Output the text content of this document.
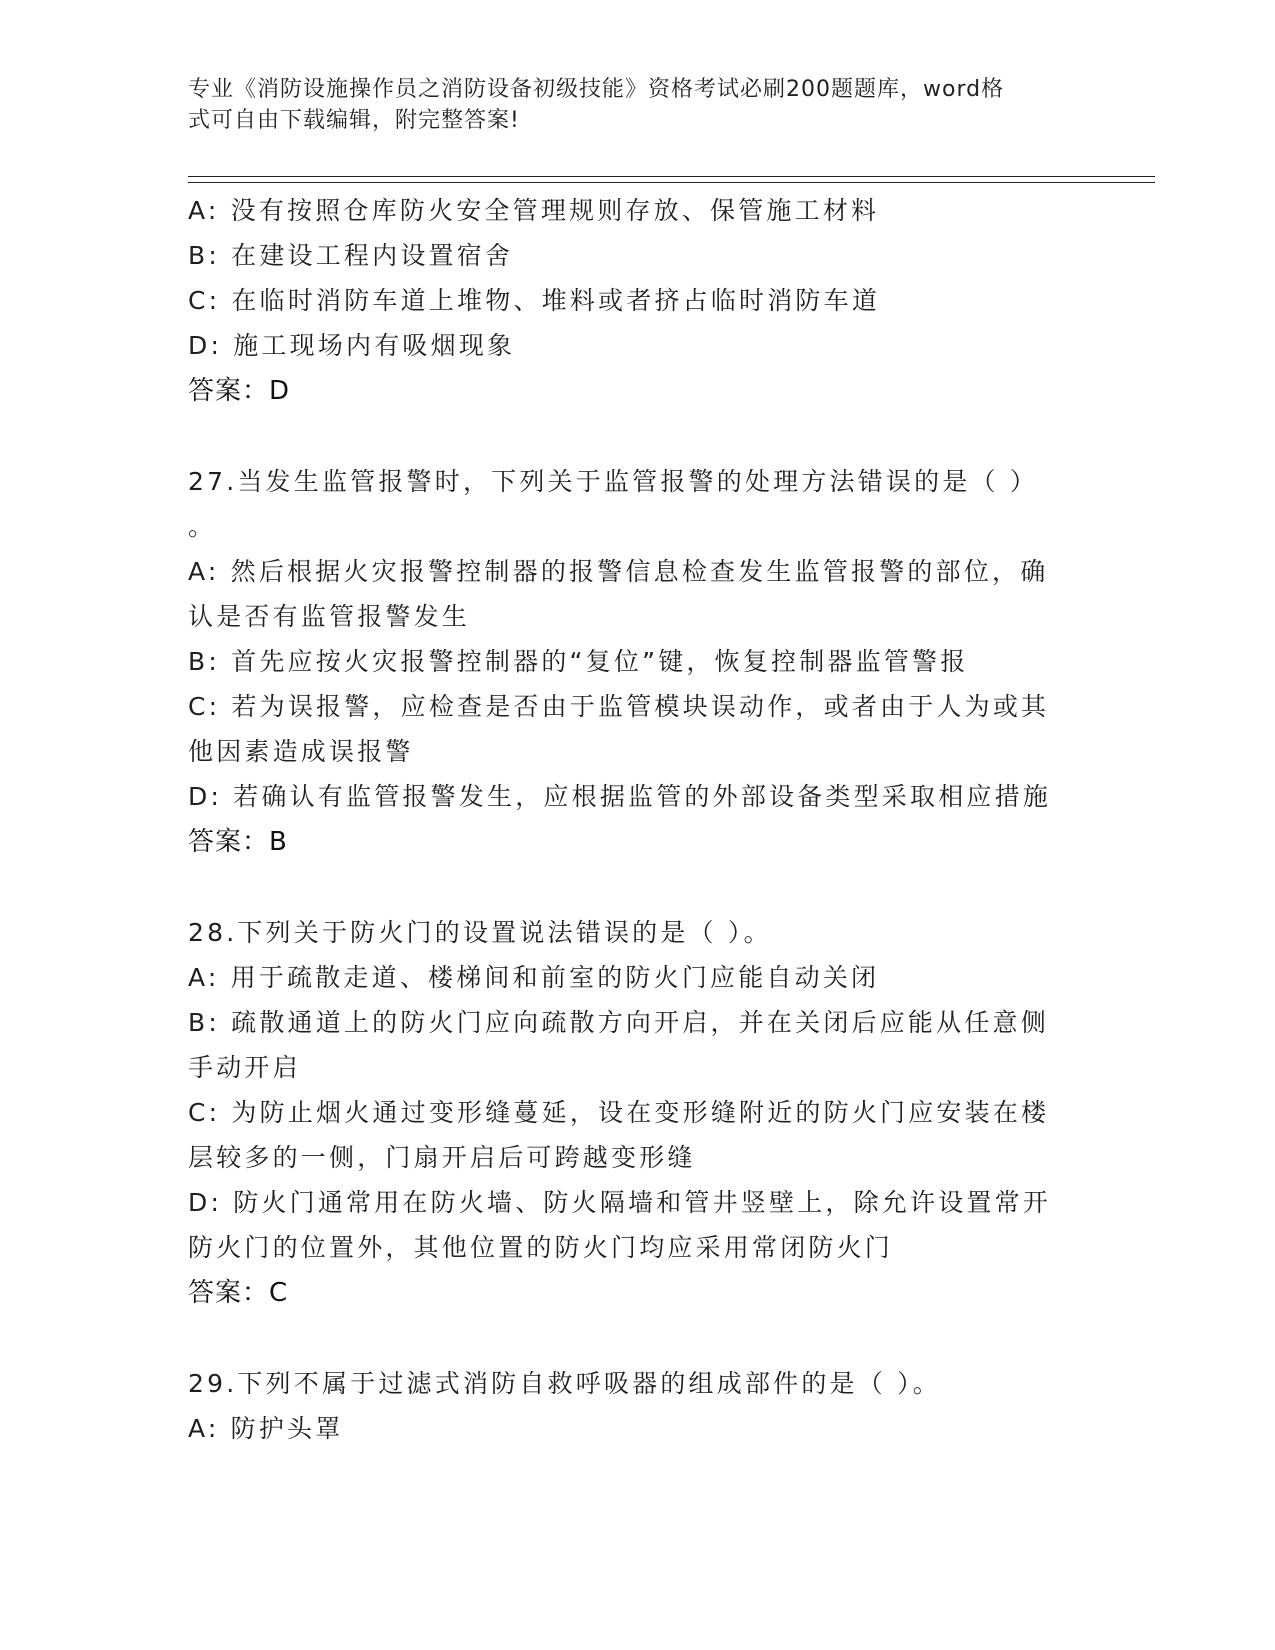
专业《消防设施操作员之消防设备初级技能》资格考试必刷200题题库，word格
式可自由下载编辑，附完整答案!
A: 没有按照仓库防火安全管理规则存放、保管施工材料
B: 在建设工程内设置宿舍
C: 在临时消防车道上堆物、堆料或者挤占临时消防车道
D: 施工现场内有吸烟现象
答案：D
27.当发生监管报警时，下列关于监管报警的处理方法错误的是（ ）
。
A: 然后根据火灾报警控制器的报警信息检查发生监管报警的部位，确
认是否有监管报警发生
B: 首先应按火灾报警控制器的“复位”键，恢复控制器监管警报
C: 若为误报警，应检查是否由于监管模块误动作，或者由于人为或其
他因素造成误报警
D: 若确认有监管报警发生，应根据监管的外部设备类型采取相应措施
答案：B
28.下列关于防火门的设置说法错误的是（ ）。
A: 用于疏散走道、楼梯间和前室的防火门应能自动关闭
B: 疏散通道上的防火门应向疏散方向开启，并在关闭后应能从任意侧
手动开启
C: 为防止烟火通过变形缝蔓延，设在变形缝附近的防火门应安装在楼
层较多的一侧，门扇开启后可跨越变形缝
D: 防火门通常用在防火墙、防火隔墙和管井竖壁上，除允许设置常开
防火门的位置外，其他位置的防火门均应采用常闭防火门
答案：C
29.下列不属于过滤式消防自救呼吸器的组成部件的是（ ）。
A: 防护头罩
